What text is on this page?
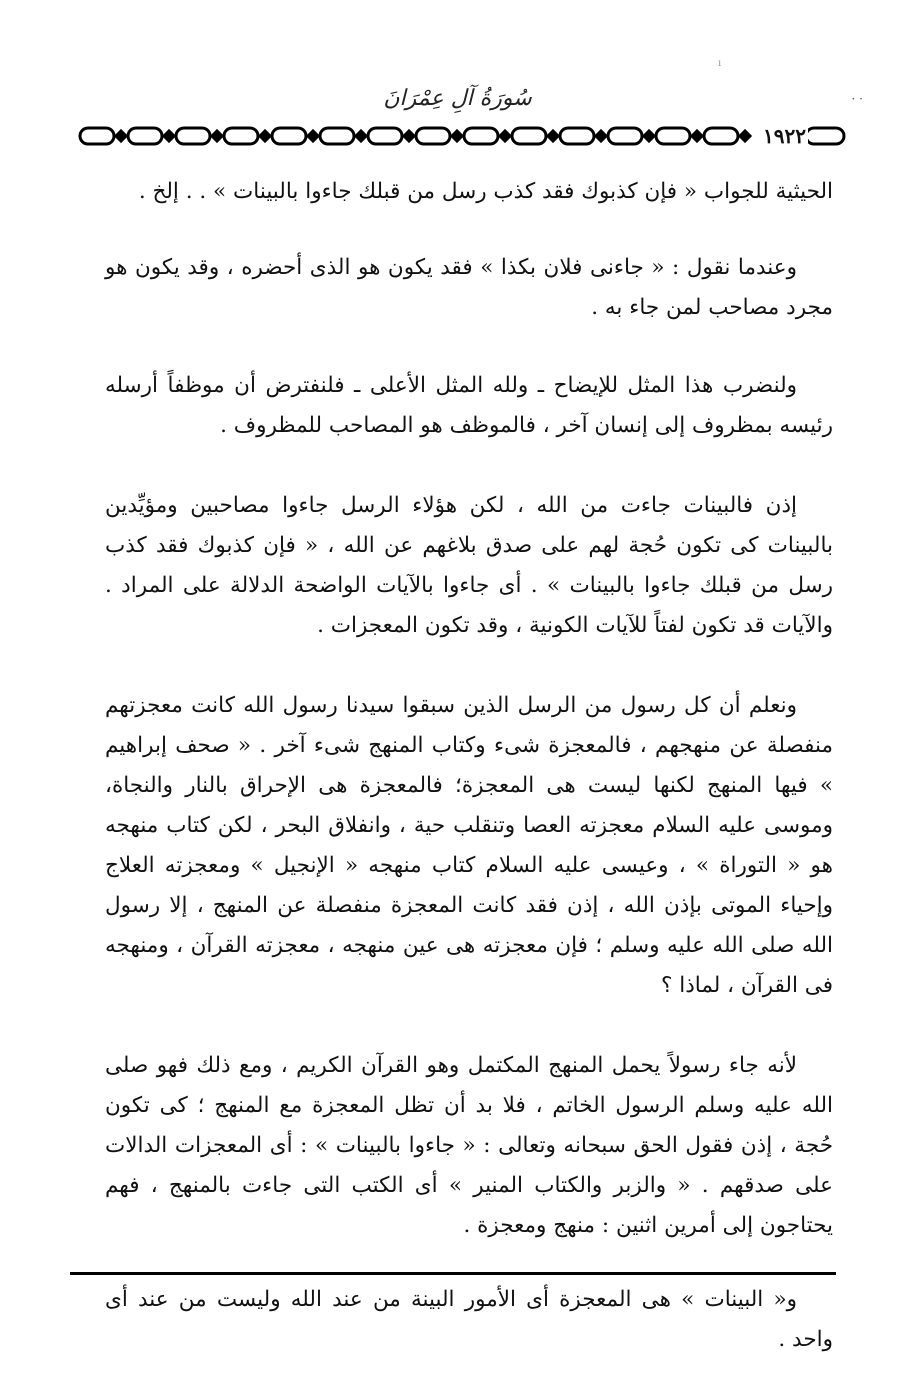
ı
· ·
سُورَةُ آلِ عِمْرَانَ
١٩٢٢

الحيثية للجواب « فإن كذبوك فقد كذب رسل من قبلك جاءوا بالبينات » . . إلخ .

وعندما نقول : « جاءنى فلان بكذا » فقد يكون هو الذى أحضره ، وقد يكون هو مجرد مصاحب لمن جاء به .

ولنضرب هذا المثل للإيضاح ـ ولله المثل الأعلى ـ فلنفترض أن موظفاً أرسله رئيسه بمظروف إلى إنسان آخر ، فالموظف هو المصاحب للمظروف .

إذن فالبينات جاءت من الله ، لكن هؤلاء الرسل جاءوا مصاحبين ومؤيِّدين بالبينات كى تكون حُجة لهم على صدق بلاغهم عن الله ، « فإن كذبوك فقد كذب رسل من قبلك جاءوا بالبينات » . أى جاءوا بالآيات الواضحة الدلالة على المراد . والآيات قد تكون لفتاً للآيات الكونية ، وقد تكون المعجزات .

ونعلم أن كل رسول من الرسل الذين سبقوا سيدنا رسول الله كانت معجزتهم منفصلة عن منهجهم ، فالمعجزة شىء وكتاب المنهج شىء آخر . « صحف إبراهيم » فيها المنهج لكنها ليست هى المعجزة؛ فالمعجزة هى الإحراق بالنار والنجاة، وموسى عليه السلام معجزته العصا وتنقلب حية ، وانفلاق البحر ، لكن كتاب منهجه هو « التوراة » ، وعيسى عليه السلام كتاب منهجه « الإنجيل » ومعجزته العلاج وإحياء الموتى بإذن الله ، إذن فقد كانت المعجزة منفصلة عن المنهج ، إلا رسول الله صلى الله عليه وسلم ؛ فإن معجزته هى عين منهجه ، معجزته القرآن ، ومنهجه فى القرآن ، لماذا ؟

لأنه جاء رسولاً يحمل المنهج المكتمل وهو القرآن الكريم ، ومع ذلك فهو صلى الله عليه وسلم الرسول الخاتم ، فلا بد أن تظل المعجزة مع المنهج ؛ كى تكون حُجة ، إذن فقول الحق سبحانه وتعالى : « جاءوا بالبينات » : أى المعجزات الدالات على صدقهم . « والزبر والكتاب المنير » أى الكتب التى جاءت بالمنهج ، فهم يحتاجون إلى أمرين اثنين : منهج ومعجزة .

و« البينات » هى المعجزة أى الأمور البينة من عند الله وليست من عند أى واحد .
